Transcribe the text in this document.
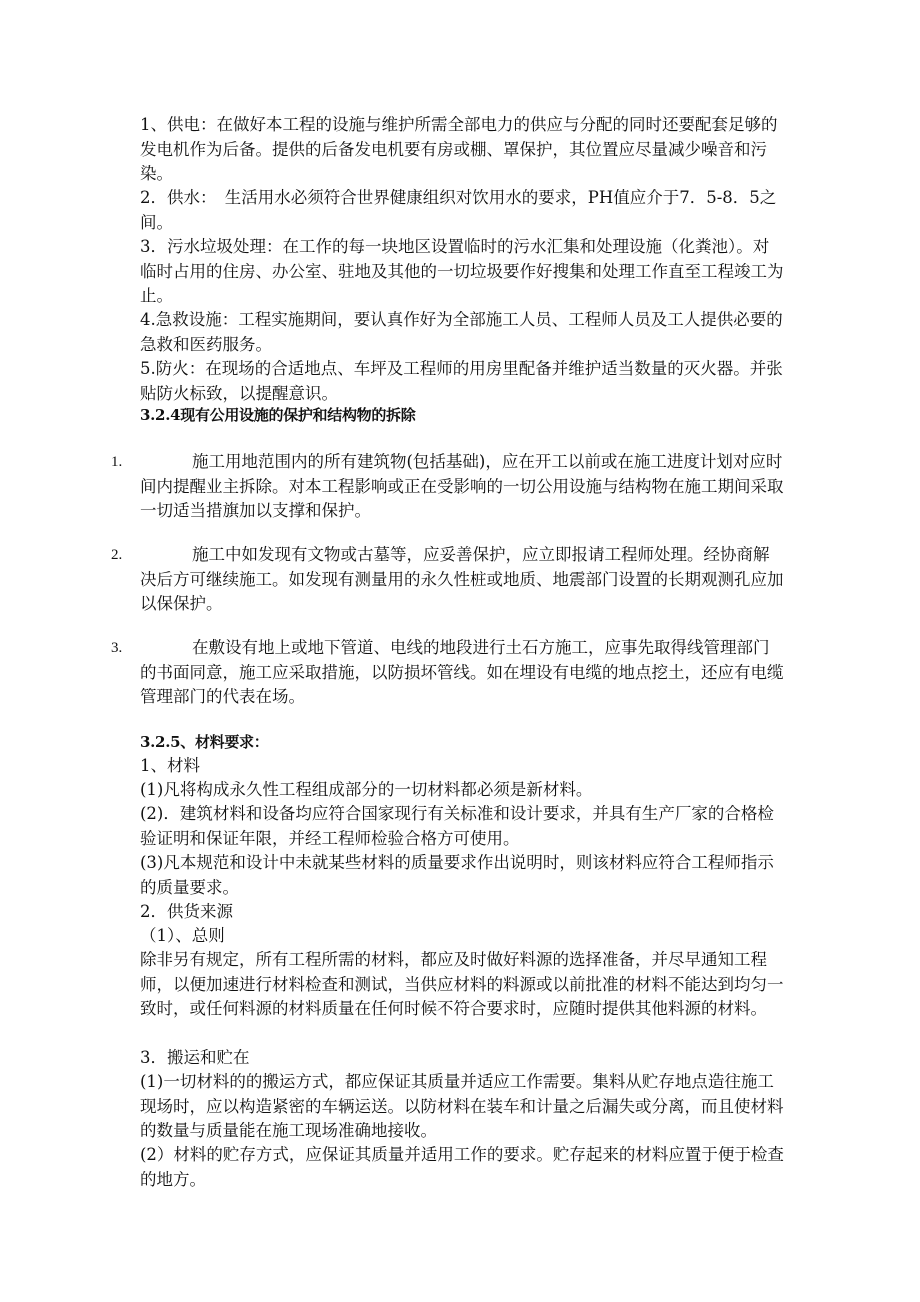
1、供电：在做好本工程的设施与维护所需全部电力的供应与分配的同时还要配套足够的发电机作为后备。提供的后备发电机要有房或棚、罩保护，其位置应尽量减少噪音和污染。

2．供水：　生活用水必须符合世界健康组织对饮用水的要求，PH值应介于7．5-8．5之间。

3．污水垃圾处理：在工作的每一块地区设置临时的污水汇集和处理设施（化粪池）。对临时占用的住房、办公室、驻地及其他的一切垃圾要作好搜集和处理工作直至工程竣工为止。

4.急救设施：工程实施期间，要认真作好为全部施工人员、工程师人员及工人提供必要的急救和医药服务。

5.防火：在现场的合适地点、车坪及工程师的用房里配备并维护适当数量的灭火器。并张贴防火标致，以提醒意识。

3.2.4现有公用设施的保护和结构物的拆除
1.	施工用地范围内的所有建筑物(包括基础)，应在开工以前或在施工进度计划对应时间内提醒业主拆除。对本工程影响或正在受影响的一切公用设施与结构物在施工期间采取一切适当措旗加以支撑和保护。

2.	施工中如发现有文物或古墓等，应妥善保护，应立即报请工程师处理。经协商解决后方可继续施工。如发现有测量用的永久性桩或地质、地震部门设置的长期观测孔应加以保保护。

3.	在敷设有地上或地下管道、电线的地段进行土石方施工，应事先取得线管理部门的书面同意，施工应采取措施，以防损坏管线。如在埋设有电缆的地点挖土，还应有电缆管理部门的代表在场。

3.2.5、材料要求：

1、材料

(1)凡将构成永久性工程组成部分的一切材料都必须是新材料。

(2)．建筑材料和设备均应符合国家现行有关标准和设计要求，并具有生产厂家的合格检验证明和保证年限，并经工程师检验合格方可使用。

(3)凡本规范和设计中未就某些材料的质量要求作出说明时，则该材料应符合工程师指示的质量要求。

2．供货来源

（1）、总则

除非另有规定，所有工程所需的材料，都应及时做好料源的选择准备，并尽早通知工程师，以便加速进行材料检查和测试，当供应材料的料源或以前批准的材料不能达到均匀一致时，或任何料源的材料质量在任何时候不符合要求时，应随时提供其他料源的材料。

3．搬运和贮在

(1)一切材料的的搬运方式，都应保证其质量并适应工作需要。集料从贮存地点造往施工现场时，应以构造紧密的车辆运送。以防材料在装车和计量之后漏失或分离，而且使材料的数量与质量能在施工现场准确地接收。

(2）材料的贮存方式，应保证其质量并适用工作的要求。贮存起来的材料应置于便于检查的地方。
